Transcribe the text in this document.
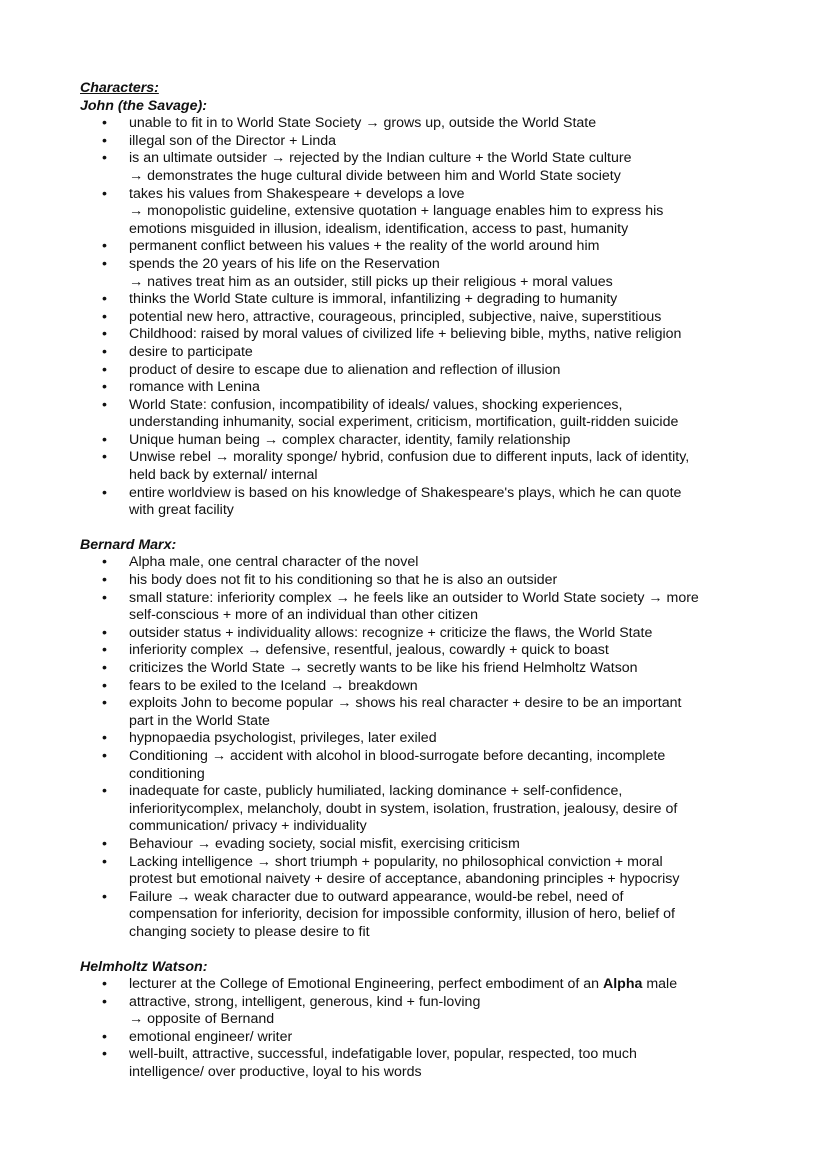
Characters:
John (the Savage):
• unable to fit in to World State Society → grows up, outside the World State
• illegal son of the Director + Linda
• is an ultimate outsider → rejected by the Indian culture + the World State culture
→ demonstrates the huge cultural divide between him and World State society
• takes his values from Shakespeare + develops a love
→ monopolistic guideline, extensive quotation + language enables him to express his
emotions misguided in illusion, idealism, identification, access to past, humanity
• permanent conflict between his values + the reality of the world around him
• spends the 20 years of his life on the Reservation
→ natives treat him as an outsider, still picks up their religious + moral values
• thinks the World State culture is immoral, infantilizing + degrading to humanity
• potential new hero, attractive, courageous, principled, subjective, naive, superstitious
• Childhood: raised by moral values of civilized life + believing bible, myths, native religion
• desire to participate
• product of desire to escape due to alienation and reflection of illusion
• romance with Lenina
• World State: confusion, incompatibility of ideals/ values, shocking experiences,
understanding inhumanity, social experiment, criticism, mortification, guilt-ridden suicide
• Unique human being → complex character, identity, family relationship
• Unwise rebel → morality sponge/ hybrid, confusion due to different inputs, lack of identity,
held back by external/ internal
• entire worldview is based on his knowledge of Shakespeare's plays, which he can quote
with great facility
Bernard Marx:
• Alpha male, one central character of the novel
• his body does not fit to his conditioning so that he is also an outsider
• small stature: inferiority complex → he feels like an outsider to World State society → more
self-conscious + more of an individual than other citizen
• outsider status + individuality allows: recognize + criticize the flaws, the World State
• inferiority complex → defensive, resentful, jealous, cowardly + quick to boast
• criticizes the World State → secretly wants to be like his friend Helmholtz Watson
• fears to be exiled to the Iceland → breakdown
• exploits John to become popular → shows his real character + desire to be an important
part in the World State
• hypnopaedia psychologist, privileges, later exiled
• Conditioning → accident with alcohol in blood-surrogate before decanting, incomplete
conditioning
• inadequate for caste, publicly humiliated, lacking dominance + self-confidence,
inferioritycomplex, melancholy, doubt in system, isolation, frustration, jealousy, desire of
communication/ privacy + individuality
• Behaviour → evading society, social misfit, exercising criticism
• Lacking intelligence → short triumph + popularity, no philosophical conviction + moral
protest but emotional naivety + desire of acceptance, abandoning principles + hypocrisy
• Failure → weak character due to outward appearance, would-be rebel, need of
compensation for inferiority, decision for impossible conformity, illusion of hero, belief of
changing society to please desire to fit
Helmholtz Watson:
• lecturer at the College of Emotional Engineering, perfect embodiment of an Alpha male
• attractive, strong, intelligent, generous, kind + fun-loving
→ opposite of Bernand
• emotional engineer/ writer
• well-built, attractive, successful, indefatigable lover, popular, respected, too much
intelligence/ over productive, loyal to his words
